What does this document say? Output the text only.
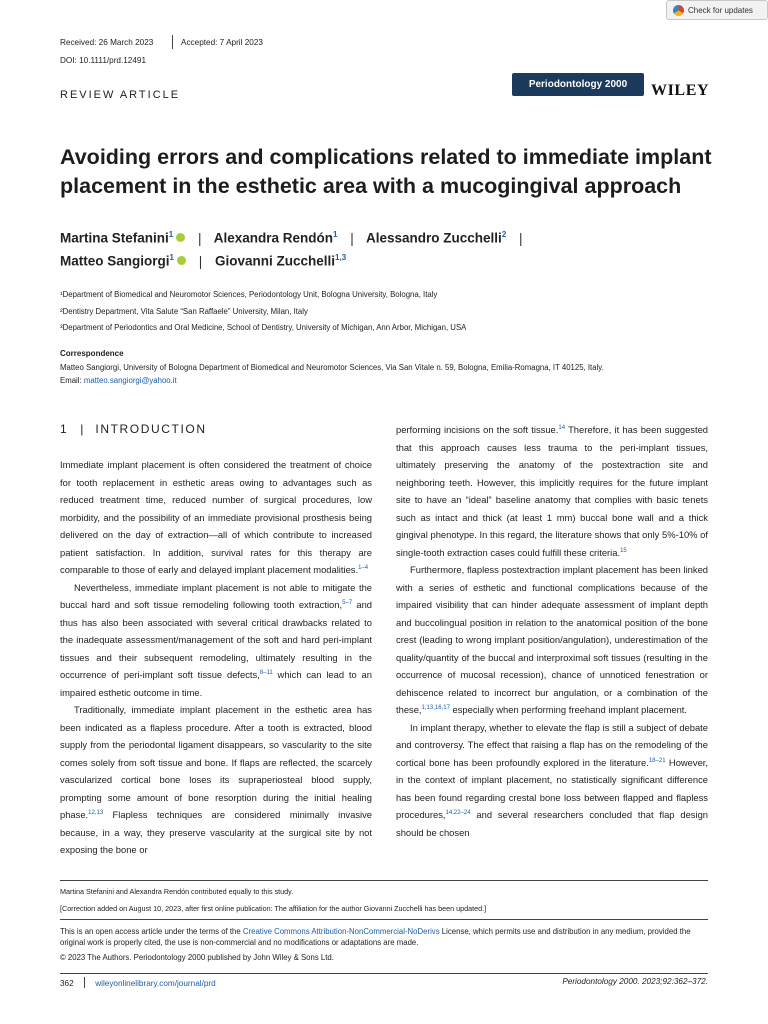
Check for updates
Received: 26 March 2023	Accepted: 7 April 2023
DOI: 10.1111/prd.12491
REVIEW ARTICLE
Periodontology 2000	WILEY
Avoiding errors and complications related to immediate implant placement in the esthetic area with a mucogingival approach
Martina Stefanini$^1$ | Alexandra Rendón$^1$ | Alessandro Zucchelli$^2$ |
Matteo Sangiorgi$^1$ | Giovanni Zucchelli$^{1,3}$
¹Department of Biomedical and Neuromotor Sciences, Periodontology Unit, Bologna University, Bologna, Italy
²Dentistry Department, Vita Salute “San Raffaele” University, Milan, Italy
³Department of Periodontics and Oral Medicine, School of Dentistry, University of Michigan, Ann Arbor, Michigan, USA
Correspondence
Matteo Sangiorgi, University of Bologna Department of Biomedical and Neuromotor Sciences, Via San Vitale n. 59, Bologna, Emilia-Romagna, IT 40125, Italy.
Email: matteo.sangiorgi@yahoo.it
1 | INTRODUCTION

Immediate implant placement is often considered the treatment of choice for tooth replacement in esthetic areas owing to advantages such as reduced treatment time, reduced number of surgical procedures, low morbidity, and the possibility of an immediate provisional prosthesis being delivered on the day of extraction—all of which contribute to increased patient satisfaction. In addition, survival rates for this therapy are comparable to those of early and delayed implant placement modalities.$^{1-4}$

Nevertheless, immediate implant placement is not able to mitigate the buccal hard and soft tissue remodeling following tooth extraction,$^{5-7}$ and thus has also been associated with several critical drawbacks related to the inadequate assessment/management of the soft and hard peri-implant tissues and their subsequent remodeling, ultimately resulting in the occurrence of peri-implant soft tissue defects,$^{8-11}$ which can lead to an impaired esthetic outcome in time.

Traditionally, immediate implant placement in the esthetic area has been indicated as a flapless procedure. After a tooth is extracted, blood supply from the periodontal ligament disappears, so vascularity to the site comes solely from soft tissue and bone. If flaps are reflected, the scarcely vascularized cortical bone loses its supraperiosteal blood supply, prompting some amount of bone resorption during the initial healing phase.$^{12,13}$ Flapless techniques are considered minimally invasive because, in a way, they preserve vascularity at the surgical site by not exposing the bone or

performing incisions on the soft tissue.$^{14}$ Therefore, it has been suggested that this approach causes less trauma to the peri-implant tissues, ultimately preserving the anatomy of the postextraction site and neighboring teeth. However, this implicitly requires for the future implant site to have an “ideal” baseline anatomy that complies with basic tenets such as intact and thick (at least 1 mm) buccal bone wall and a thick gingival phenotype. In this regard, the literature shows that only 5%-10% of single-tooth extraction cases could fulfill these criteria.$^{15}$

Furthermore, flapless postextraction implant placement has been linked with a series of esthetic and functional complications because of the impaired visibility that can hinder adequate assessment of implant depth and buccolingual position in relation to the anatomical position of the bone crest (leading to wrong implant position/angulation), underestimation of the quality/quantity of the buccal and interproximal soft tissues (resulting in the occurrence of mucosal recession), chance of unnoticed fenestration or dehiscence related to incorrect bur angulation, or a combination of the these,$^{1,13,16,17}$ especially when performing freehand implant placement.

In implant therapy, whether to elevate the flap is still a subject of debate and controversy. The effect that raising a flap has on the remodeling of the cortical bone has been profoundly explored in the literature.$^{18-21}$ However, in the context of implant placement, no statistically significant difference has been found regarding crestal bone loss between flapped and flapless procedures,$^{14,22-24}$ and several researchers concluded that flap design should be chosen

Martina Stefanini and Alexandra Rendón contributed equally to this study.
[Correction added on August 10, 2023, after first online publication: The affiliation for the author Giovanni Zucchelli has been updated.]
This is an open access article under the terms of the Creative Commons Attribution-NonCommercial-NoDerivs License, which permits use and distribution in any medium, provided the original work is properly cited, the use is non-commercial and no modifications or adaptations are made.
© 2023 The Authors. Periodontology 2000 published by John Wiley & Sons Ltd.
362	wileyonlinelibrary.com/journal/prd	Periodontology 2000. 2023;92:362–372.
